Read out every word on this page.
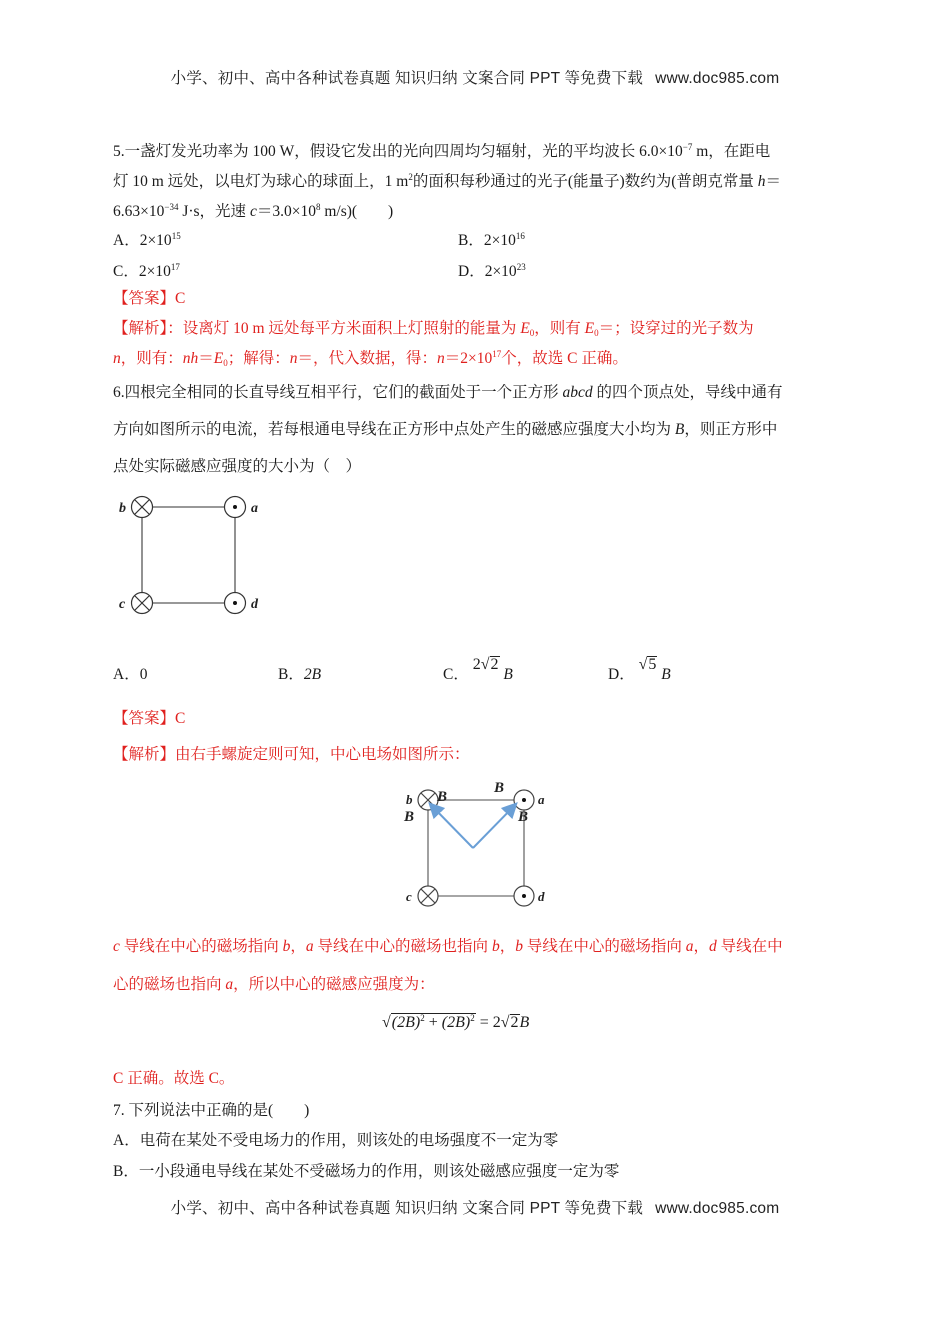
小学、初中、高中各种试卷真题 知识归纳 文案合同 PPT 等免费下载 www.doc985.com
5.一盏灯发光功率为 100 W，假设它发出的光向四周均匀辐射，光的平均波长 $6.0\times 10^{-7}$ m，在距电
灯 10 m 远处，以电灯为球心的球面上，1 $m^2$的面积每秒通过的光子(能量子)数约为(普朗克常量 h＝
$6.63\times 10^{-34}$ J·s，光速 $c=3.0\times 10^8$ m/s)(　　)
A．$2\times 10^{15}$	B．$2\times 10^{16}$
C．$2\times 10^{17}$	D．$2\times 10^{23}$
【答案】C
【解析】：设离灯 10 m 远处每平方米面积上灯照射的能量为 $E_0$，则有 $E_0=$；设穿过的光子数为
n，则有：$nh=E_0$；解得：n＝，代入数据，得：$n=2\times 10^{17}$个，故选 C 正确。
6.四根完全相同的长直导线互相平行，它们的截面处于一个正方形 abcd 的四个顶点处，导线中通有
方向如图所示的电流，若每根通电导线在正方形中点处产生的磁感应强度大小均为 B，则正方形中
点处实际磁感应强度的大小为（　）
b	a
c	d
A．0	B．2B	C． 2√2 B	D． √5 B
【答案】C
【解析】由右手螺旋定则可知，中心电场如图所示：
b	a
c	d
B
B
B
B
c 导线在中心的磁场指向 b，a 导线在中心的磁场也指向 b，b 导线在中心的磁场指向 a，d 导线在中
心的磁场也指向 a，所以中心的磁感应强度为：
$√(2B)^2 + (2B)^2 = 2√2B$
C 正确。故选 C。
7. 下列说法中正确的是(　　)
A．电荷在某处不受电场力的作用，则该处的电场强度不一定为零
B．一小段通电导线在某处不受磁场力的作用，则该处磁感应强度一定为零
小学、初中、高中各种试卷真题 知识归纳 文案合同 PPT 等免费下载 www.doc985.com
